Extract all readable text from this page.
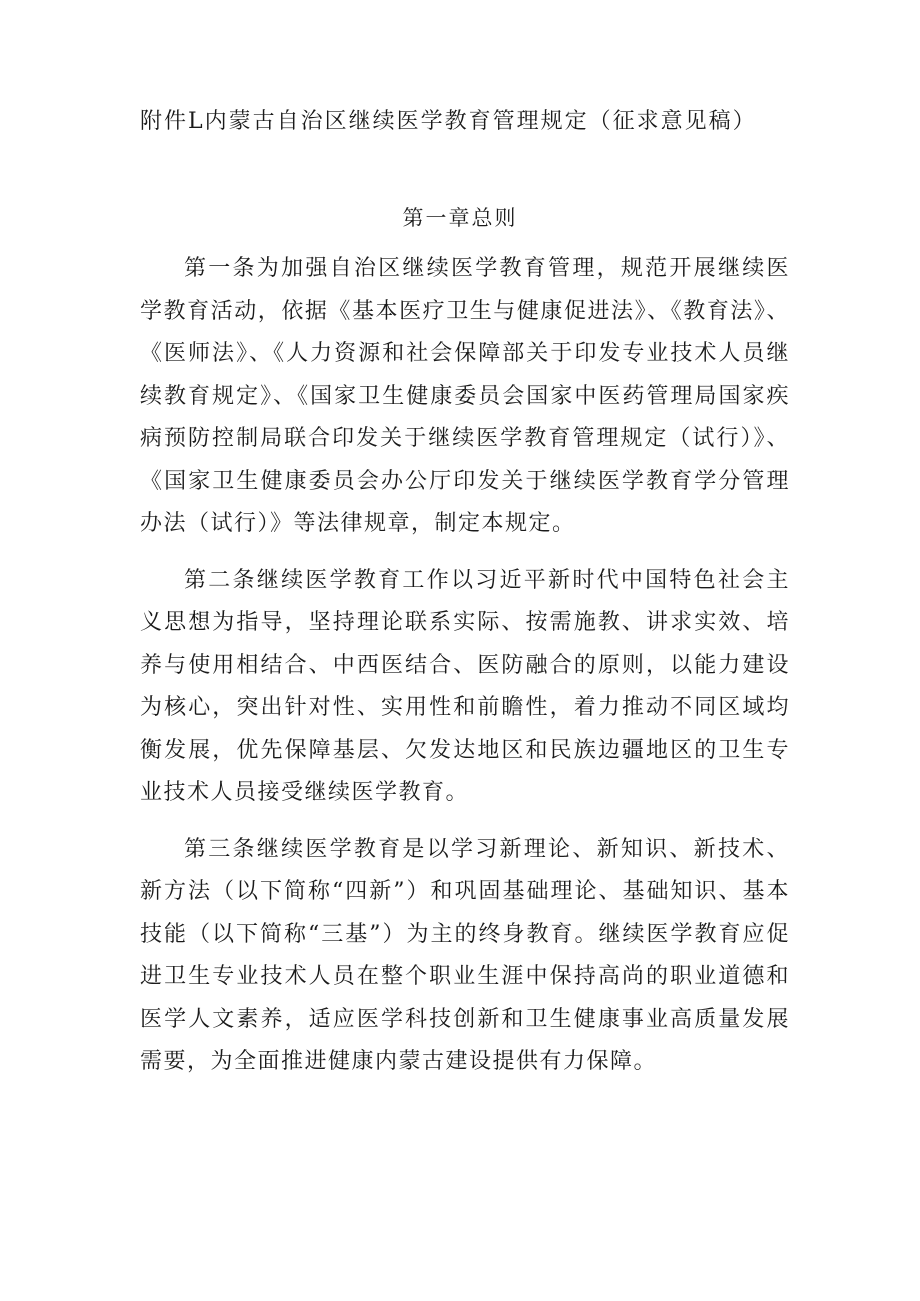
附件L内蒙古自治区继续医学教育管理规定（征求意见稿）
第一章总则

第一条为加强自治区继续医学教育管理，规范开展继续医学教育活动，依据《基本医疗卫生与健康促进法》、《教育法》、《医师法》、《人力资源和社会保障部关于印发专业技术人员继续教育规定》、《国家卫生健康委员会国家中医药管理局国家疾病预防控制局联合印发关于继续医学教育管理规定（试行）》、《国家卫生健康委员会办公厅印发关于继续医学教育学分管理办法（试行）》等法律规章，制定本规定。

第二条继续医学教育工作以习近平新时代中国特色社会主义思想为指导，坚持理论联系实际、按需施教、讲求实效、培养与使用相结合、中西医结合、医防融合的原则，以能力建设为核心，突出针对性、实用性和前瞻性，着力推动不同区域均衡发展，优先保障基层、欠发达地区和民族边疆地区的卫生专业技术人员接受继续医学教育。

第三条继续医学教育是以学习新理论、新知识、新技术、新方法（以下简称“四新”）和巩固基础理论、基础知识、基本技能（以下简称“三基”）为主的终身教育。继续医学教育应促进卫生专业技术人员在整个职业生涯中保持高尚的职业道德和医学人文素养，适应医学科技创新和卫生健康事业高质量发展需要，为全面推进健康内蒙古建设提供有力保障。
